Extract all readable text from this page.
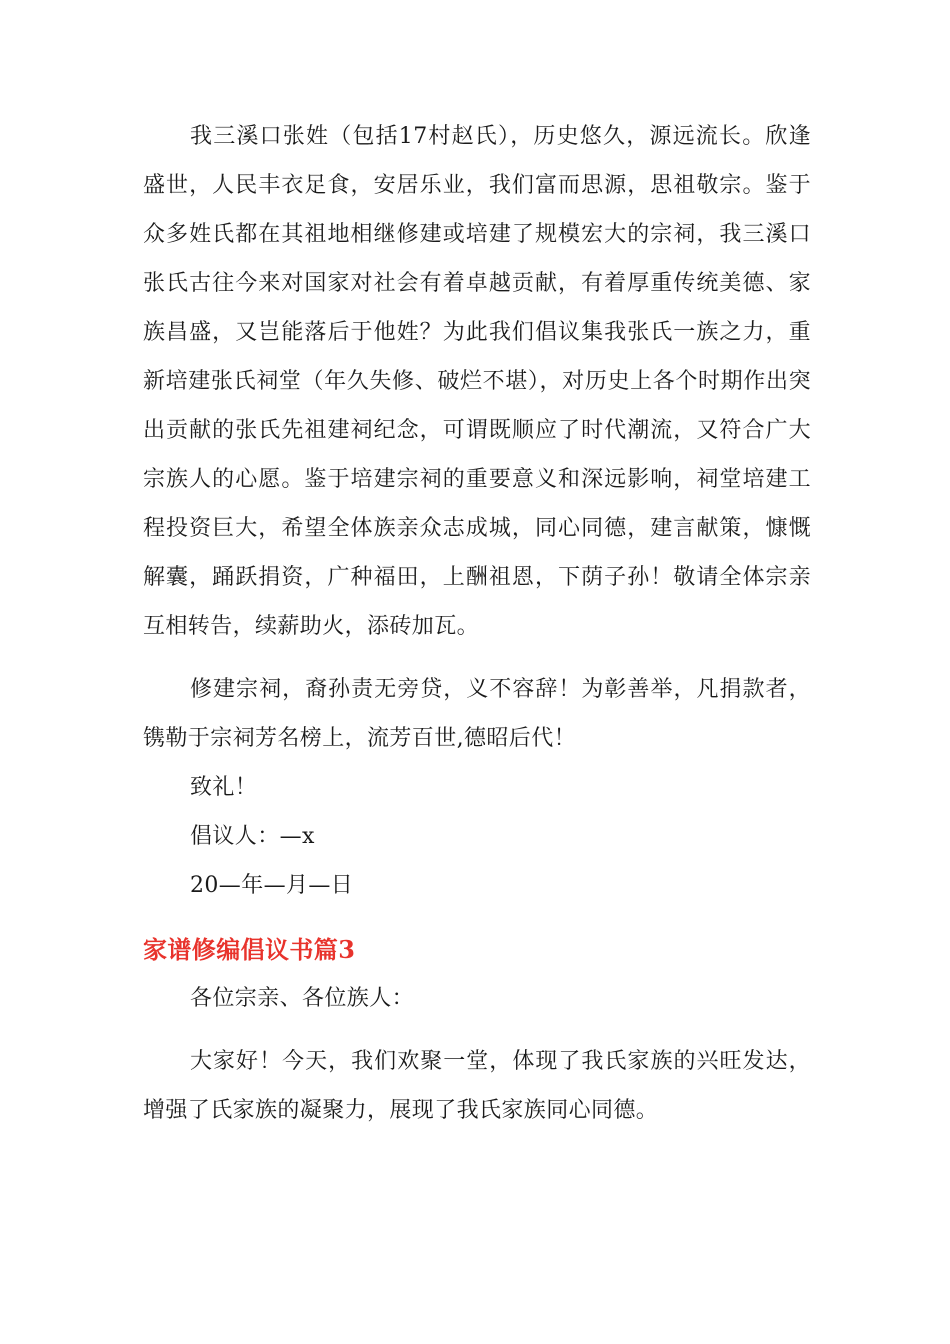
我三溪口张姓（包括17村赵氏），历史悠久，源远流长。欣逢盛世，人民丰衣足食，安居乐业，我们富而思源，思祖敬宗。鉴于众多姓氏都在其祖地相继修建或培建了规模宏大的宗祠，我三溪口张氏古往今来对国家对社会有着卓越贡献，有着厚重传统美德、家族昌盛，又岂能落后于他姓？为此我们倡议集我张氏一族之力，重新培建张氏祠堂（年久失修、破烂不堪），对历史上各个时期作出突出贡献的张氏先祖建祠纪念，可谓既顺应了时代潮流，又符合广大宗族人的心愿。鉴于培建宗祠的重要意义和深远影响，祠堂培建工程投资巨大，希望全体族亲众志成城，同心同德，建言献策，慷慨解囊，踊跃捐资，广种福田，上酬祖恩，下荫子孙！敬请全体宗亲互相转告，续薪助火，添砖加瓦。

修建宗祠，裔孙责无旁贷，义不容辞！为彰善举，凡捐款者，镌勒于宗祠芳名榜上，流芳百世,德昭后代！

致礼！

倡议人：—x

20—年—月—日

家谱修编倡议书篇3

各位宗亲、各位族人：

大家好！今天，我们欢聚一堂，体现了我氏家族的兴旺发达，增强了氏家族的凝聚力，展现了我氏家族同心同德。
